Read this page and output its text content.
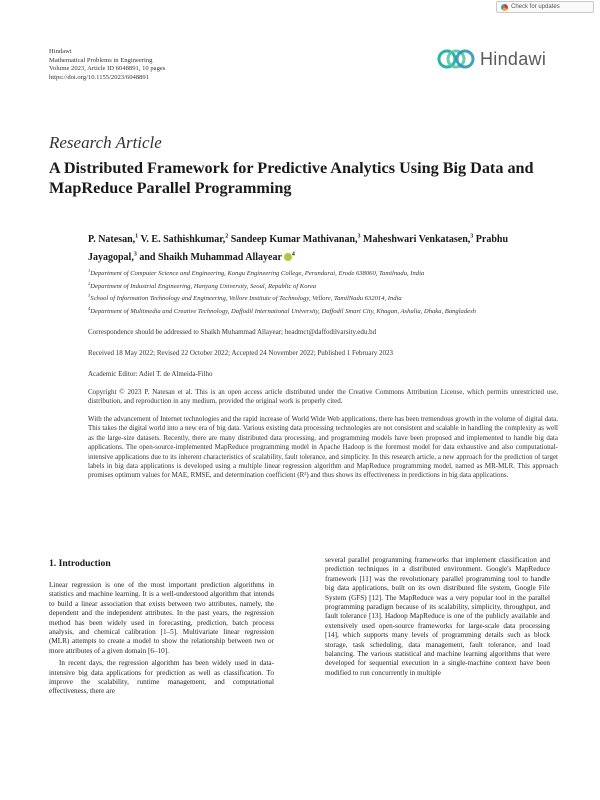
Check for updates
Hindawi
Mathematical Problems in Engineering
Volume 2023, Article ID 6048891, 10 pages
https://doi.org/10.1155/2023/6048891
Hindawi
Research Article
A Distributed Framework for Predictive Analytics Using Big Data and MapReduce Parallel Programming
P. Natesan,$^1$ V. E. Sathishkumar,$^2$ Sandeep Kumar Mathivanan,$^3$ Maheshwari Venkatasen,$^3$ Prabhu Jayagopal,$^3$ and Shaikh Muhammad Allayear $^4$
$^1$Department of Computer Science and Engineering, Kongu Engineering College, Perundurai, Erode 638060, Tamilnadu, India
$^2$Department of Industrial Engineering, Hanyang University, Seoul, Republic of Korea
$^3$School of Information Technology and Engineering, Vellore Institute of Technology, Vellore, TamilNadu 632014, India
$^4$Department of Multimedia and Creative Technology, Daffodil International University, Daffodil Smart City, Khagan, Ashulia, Dhaka, Bangladesh
Correspondence should be addressed to Shaikh Muhammad Allayear; headmct@daffodilvarsity.edu.bd
Received 18 May 2022; Revised 22 October 2022; Accepted 24 November 2022; Published 1 February 2023
Academic Editor: Adiel T. de Almeida-Filho
Copyright © 2023 P. Natesan et al. This is an open access article distributed under the Creative Commons Attribution License, which permits unrestricted use, distribution, and reproduction in any medium, provided the original work is properly cited.
With the advancement of Internet technologies and the rapid increase of World Wide Web applications, there has been tremendous growth in the volume of digital data. This takes the digital world into a new era of big data. Various existing data processing technologies are not consistent and scalable in handling the complexity as well as the large-size datasets. Recently, there are many distributed data processing, and programming models have been proposed and implemented to handle big data applications. The open-source-implemented MapReduce programming model in Apache Hadoop is the foremost model for data exhaustive and also computational-intensive applications due to its inherent characteristics of scalability, fault tolerance, and simplicity. In this research article, a new approach for the prediction of target labels in big data applications is developed using a multiple linear regression algorithm and MapReduce programming model, named as MR-MLR. This approach promises optimum values for MAE, RMSE, and determination coefficient (R²) and thus shows its effectiveness in predictions in big data applications.
1. Introduction

Linear regression is one of the most important prediction algorithms in statistics and machine learning. It is a well-understood algorithm that intends to build a linear association that exists between two attributes, namely, the dependent and the independent attributes. In the past years, the regression method has been widely used in forecasting, prediction, batch process analysis, and chemical calibration [1–5]. Multivariate linear regression (MLR) attempts to create a model to show the relationship between two or more attributes of a given domain [6–10].

In recent days, the regression algorithm has been widely used in data-intensive big data applications for prediction as well as classification. To improve the scalability, runtime management, and computational effectiveness, there are

several parallel programming frameworks that implement classification and prediction techniques in a distributed environment. Google's MapReduce framework [11] was the revolutionary parallel programming tool to handle big data applications, built on its own distributed file system, Google File System (GFS) [12]. The MapReduce was a very popular tool in the parallel programming paradigm because of its scalability, simplicity, throughput, and fault tolerance [13]. Hadoop MapReduce is one of the publicly available and extensively used open-source frameworks for large-scale data processing [14], which supports many levels of programming details such as block storage, task scheduling, data management, fault tolerance, and load balancing. The various statistical and machine learning algorithms that were developed for sequential execution in a single-machine context have been modified to run concurrently in multiple
